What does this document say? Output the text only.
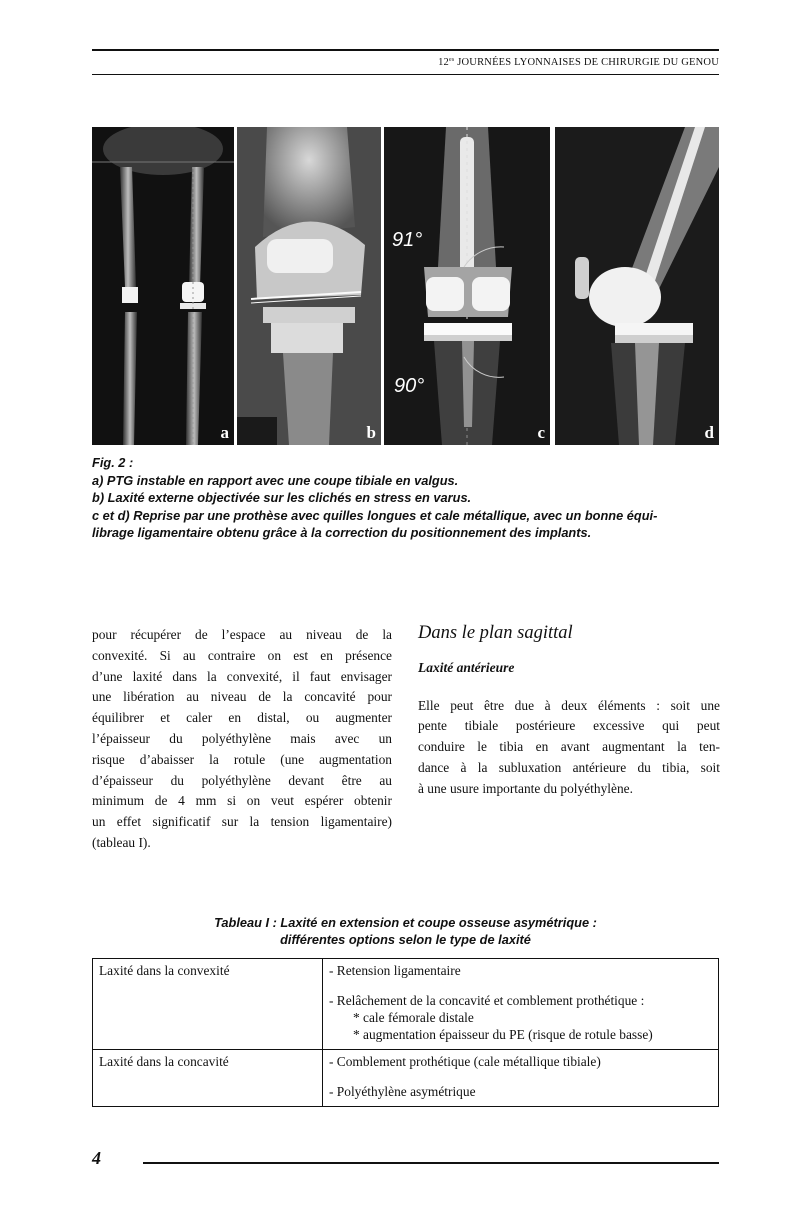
$12^{es}$ JOURNÉES LYONNAISES DE CHIRURGIE DU GENOU
a	b
91°
90°
c	d
Fig. 2 :
a) PTG instable en rapport avec une coupe tibiale en valgus.
b) Laxité externe objectivée sur les clichés en stress en varus.
c et d) Reprise par une prothèse avec quilles longues et cale métallique, avec un bonne équi-
librage ligamentaire obtenu grâce à la correction du positionnement des implants.
pour récupérer de l’espace au niveau de la
convexité. Si au contraire on est en présence
d’une laxité dans la convexité, il faut envisager
une libération au niveau de la concavité pour
équilibrer et caler en distal, ou augmenter
l’épaisseur du polyéthylène mais avec un
risque d’abaisser la rotule (une augmentation
d’épaisseur du polyéthylène devant être au
minimum de 4 mm si on veut espérer obtenir
un effet significatif sur la tension ligamentaire)
(tableau I).
Dans le plan sagittal
Laxité antérieure
Elle peut être due à deux éléments : soit une
pente tibiale postérieure excessive qui peut
conduire le tibia en avant augmentant la ten-
dance à la subluxation antérieure du tibia, soit
à une usure importante du polyéthylène.
Tableau I : Laxité en extension et coupe osseuse asymétrique :
différentes options selon le type de laxité
Laxité dans la convexité	- Retension ligamentaire
- Relâchement de la concavité et comblement prothétique :
* cale fémorale distale
* augmentation épaisseur du PE (risque de rotule basse)

Laxité dans la concavité	- Comblement prothétique (cale métallique tibiale)
- Polyéthylène asymétrique
4
